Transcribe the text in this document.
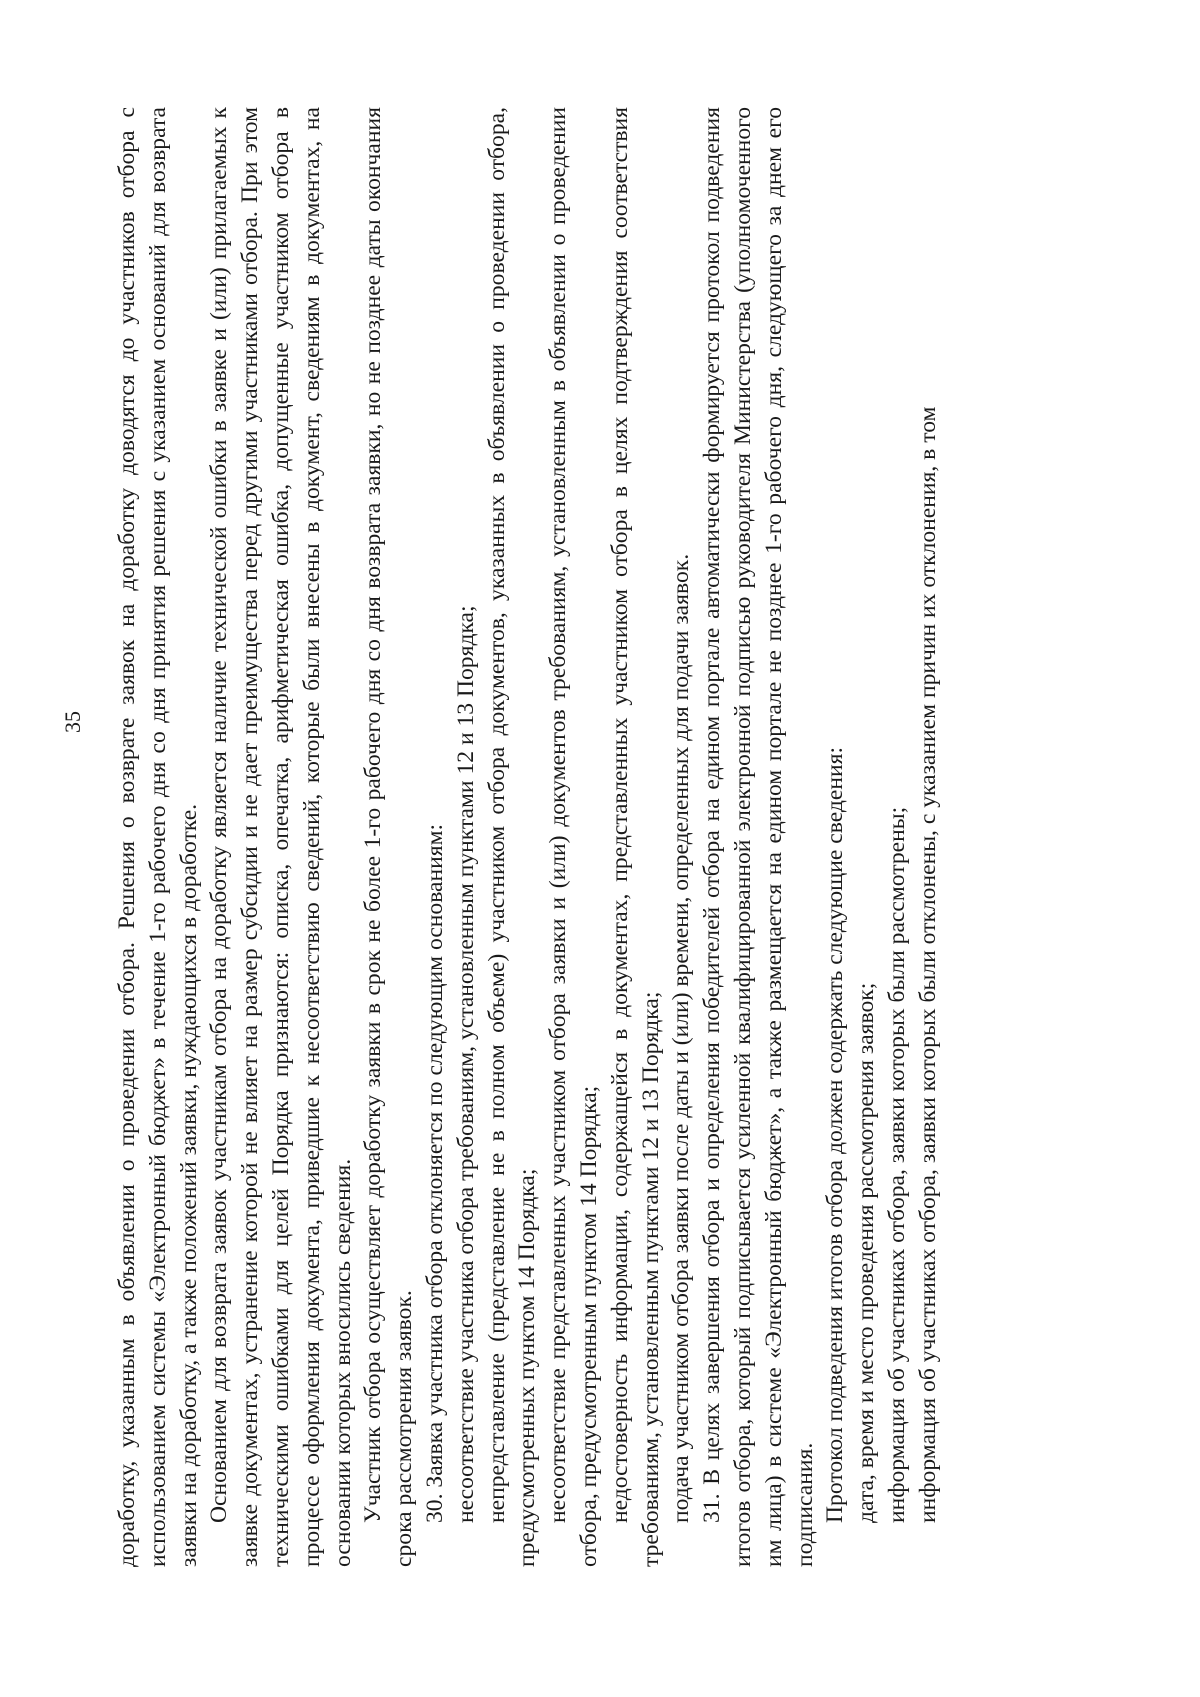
35 доработку, указанным в объявлении о проведении отбора. Решения о возврате заявок на доработку доводятся до участников отбора с использованием системы «Электронный бюджет» в течение 1-го рабочего дня со дня принятия решения с указанием оснований для возврата заявки на доработку, а также положений заявки, нуждающихся в доработке. Основанием для возврата заявок участникам отбора на доработку является наличие технической ошибки в заявке и (или) прилагаемых к заявке документах, устранение которой не влияет на размер субсидии и не дает преимущества перед другими участниками отбора. При этом техническими ошибками для целей Порядка признаются: описка, опечатка, арифметическая ошибка, допущенные участником отбора в процессе оформления документа, приведшие к несоответствию сведений, которые были внесены в документ, сведениям в документах, на основании которых вносились сведения. Участник отбора осуществляет доработку заявки в срок не более 1-го рабочего дня со дня возврата заявки, но не позднее даты окончания срока рассмотрения заявок. 30. Заявка участника отбора отклоняется по следующим основаниям: несоответствие участника отбора требованиям, установленным пунктами 12 и 13 Порядка; непредставление (представление не в полном объеме) участником отбора документов, указанных в объявлении о проведении отбора, предусмотренных пунктом 14 Порядка; несоответствие представленных участником отбора заявки и (или) документов требованиям, установленным в объявлении о проведении отбора, предусмотренным пунктом 14 Порядка; недостоверность информации, содержащейся в документах, представленных участником отбора в целях подтверждения соответствия требованиям, установленным пунктами 12 и 13 Порядка; подача участником отбора заявки после даты и (или) времени, определенных для подачи заявок. 31. В целях завершения отбора и определения победителей отбора на едином портале автоматически формируется протокол подведения итогов отбора, который подписывается усиленной квалифицированной электронной подписью руководителя Министерства (уполномоченного им лица) в системе «Электронный бюджет», а также размещается на едином портале не позднее 1-го рабочего дня, следующего за днем его подписания. Протокол подведения итогов отбора должен содержать следующие сведения: дата, время и место проведения рассмотрения заявок; информация об участниках отбора, заявки которых были рассмотрены; информация об участниках отбора, заявки которых были отклонены, с указанием причин их отклонения, в том
